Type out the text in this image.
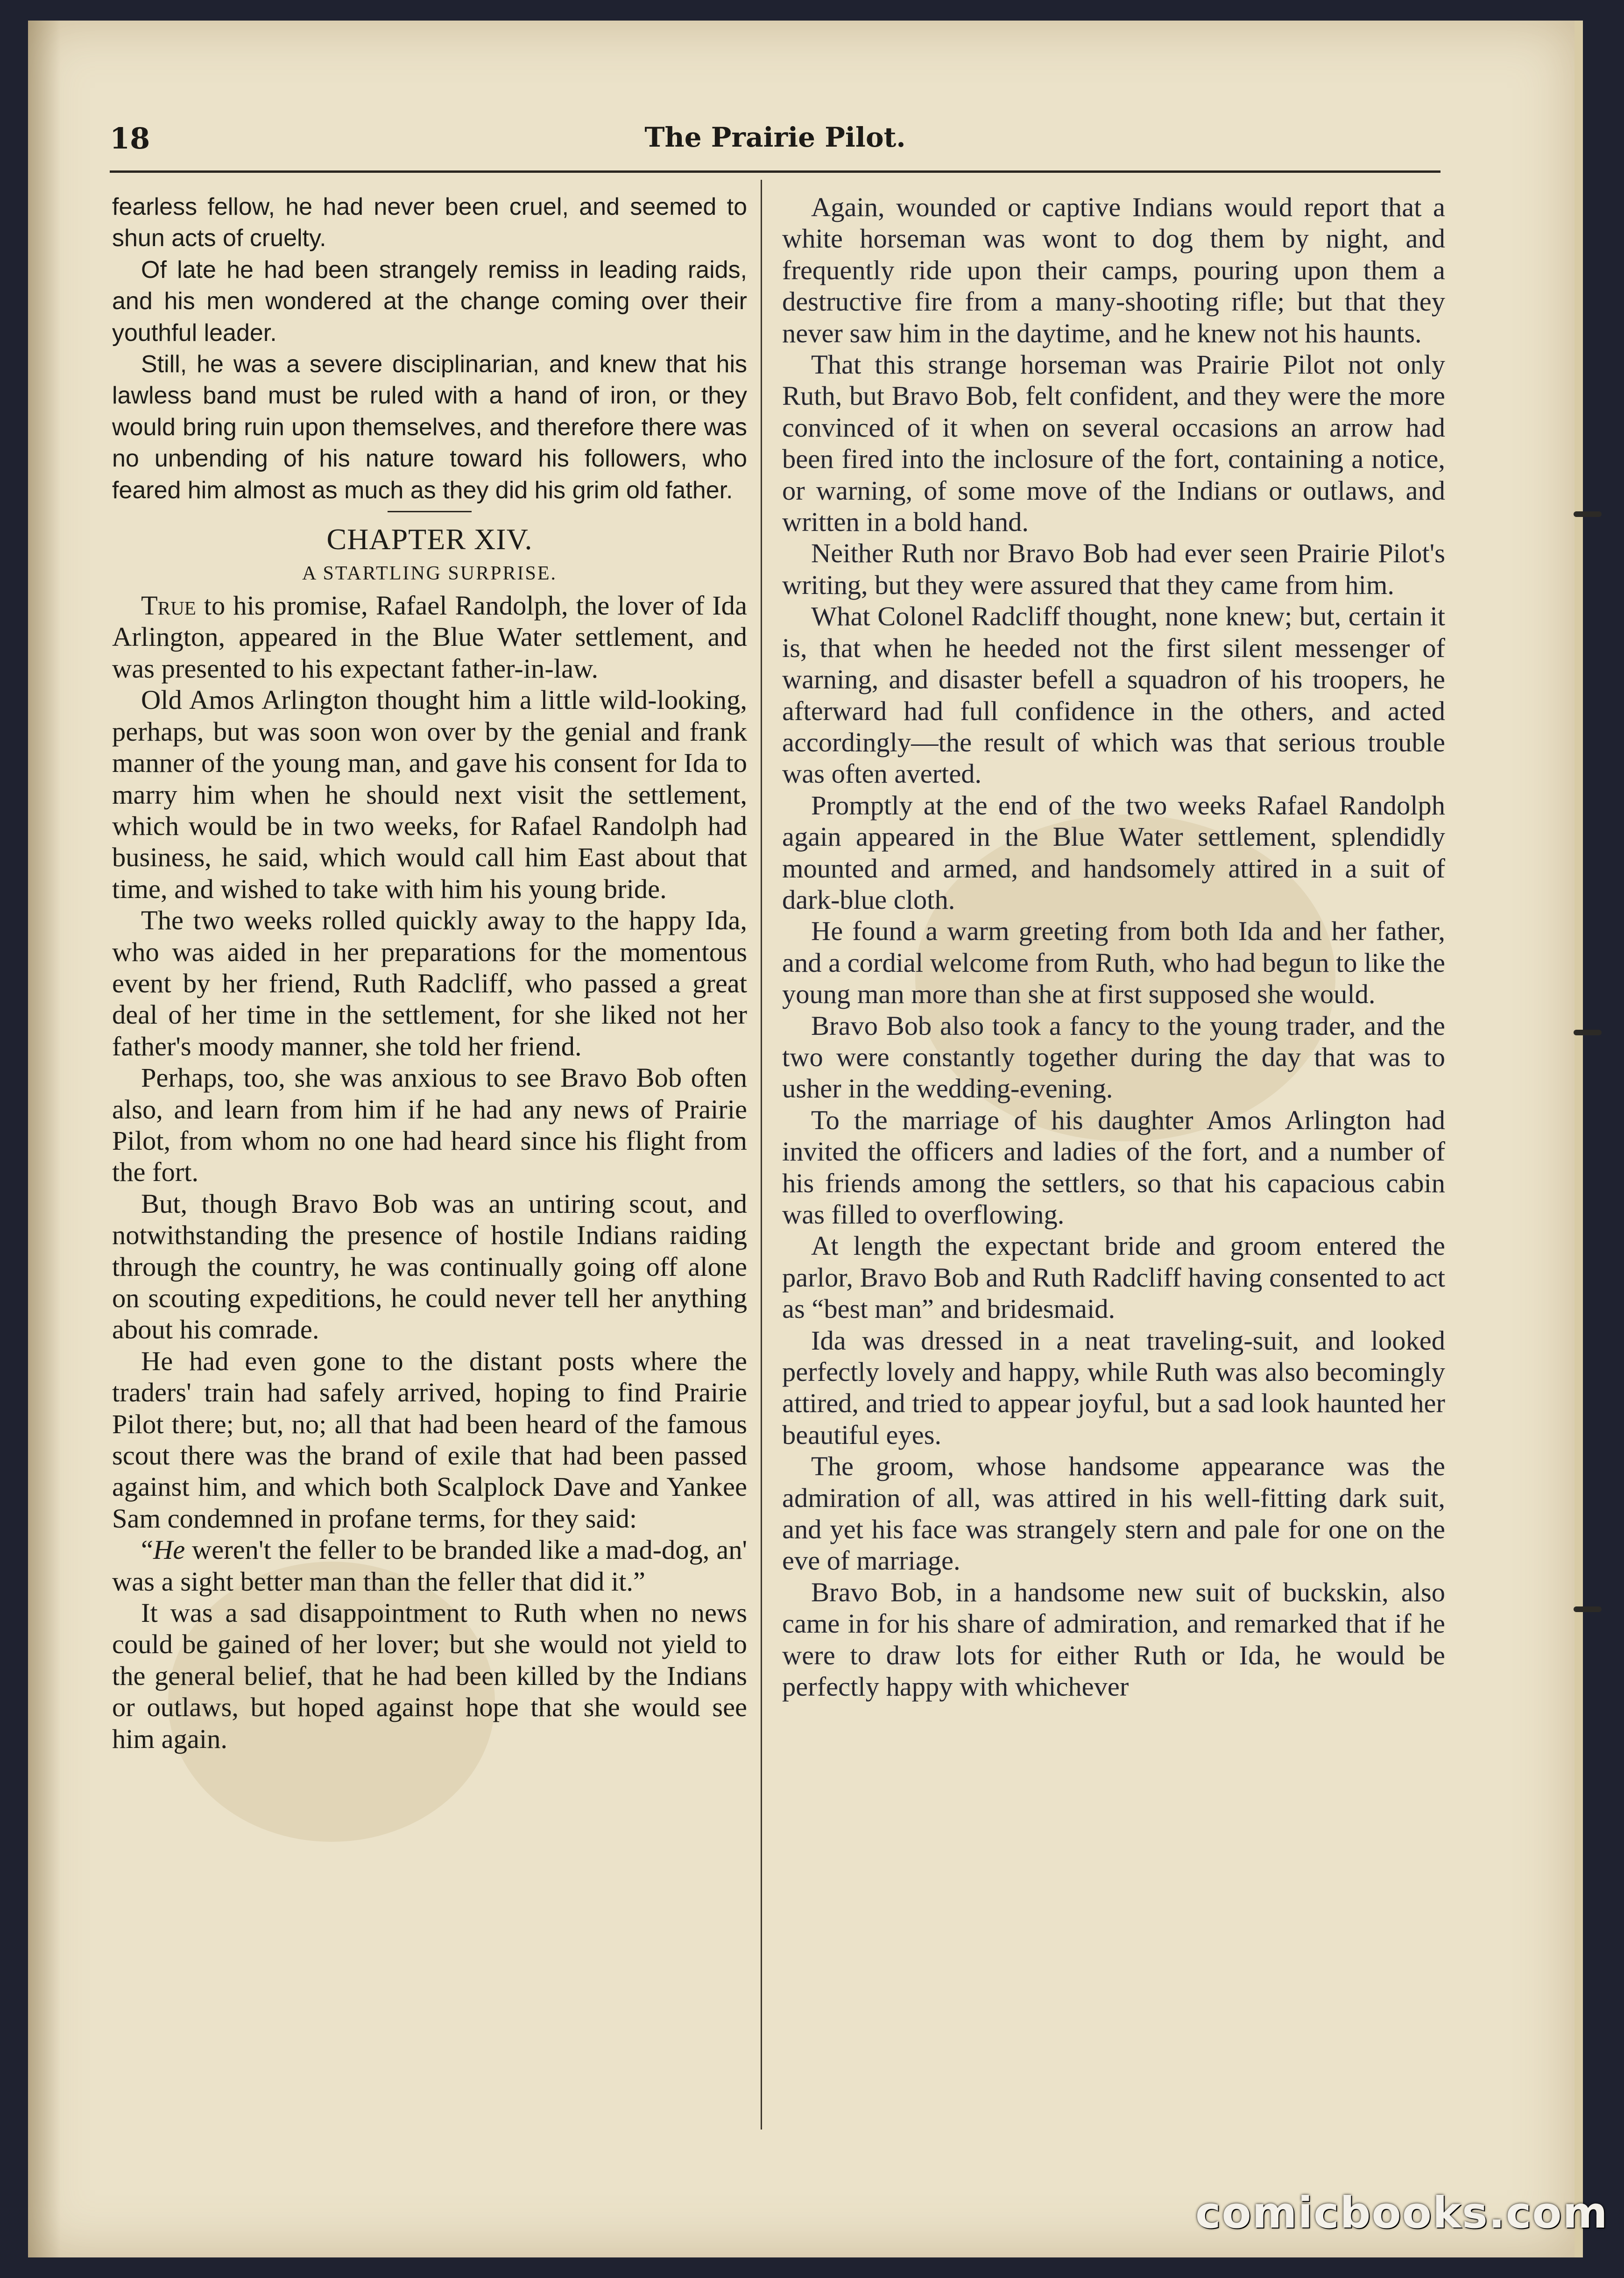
18	The Prairie Pilot.

fearless fellow, he had never been cruel, and seemed to shun acts of cruelty.

Of late he had been strangely remiss in leading raids, and his men wondered at the change coming over their youthful leader.

Still, he was a severe disciplinarian, and knew that his lawless band must be ruled with a hand of iron, or they would bring ruin upon themselves, and therefore there was no unbending of his nature toward his followers, who feared him almost as much as they did his grim old father.

CHAPTER XIV.

A STARTLING SURPRISE.

True to his promise, Rafael Randolph, the lover of Ida Arlington, appeared in the Blue Water settlement, and was presented to his expectant father-in-law.

Old Amos Arlington thought him a little wild-looking, perhaps, but was soon won over by the genial and frank manner of the young man, and gave his consent for Ida to marry him when he should next visit the settlement, which would be in two weeks, for Rafael Randolph had business, he said, which would call him East about that time, and wished to take with him his young bride.

The two weeks rolled quickly away to the happy Ida, who was aided in her preparations for the momentous event by her friend, Ruth Radcliff, who passed a great deal of her time in the settlement, for she liked not her father's moody manner, she told her friend.

Perhaps, too, she was anxious to see Bravo Bob often also, and learn from him if he had any news of Prairie Pilot, from whom no one had heard since his flight from the fort.

But, though Bravo Bob was an untiring scout, and notwithstanding the presence of hostile Indians raiding through the country, he was continually going off alone on scouting expeditions, he could never tell her anything about his comrade.

He had even gone to the distant posts where the traders' train had safely arrived, hoping to find Prairie Pilot there; but, no; all that had been heard of the famous scout there was the brand of exile that had been passed against him, and which both Scalplock Dave and Yankee Sam condemned in profane terms, for they said:

“He weren't the feller to be branded like a mad-dog, an' was a sight better man than the feller that did it.”

It was a sad disappointment to Ruth when no news could be gained of her lover; but she would not yield to the general belief, that he had been killed by the Indians or outlaws, but hoped against hope that she would see him again.

Again, wounded or captive Indians would report that a white horseman was wont to dog them by night, and frequently ride upon their camps, pouring upon them a destructive fire from a many-shooting rifle; but that they never saw him in the daytime, and he knew not his haunts.

That this strange horseman was Prairie Pilot not only Ruth, but Bravo Bob, felt confident, and they were the more convinced of it when on several occasions an arrow had been fired into the inclosure of the fort, containing a notice, or warning, of some move of the Indians or outlaws, and written in a bold hand.

Neither Ruth nor Bravo Bob had ever seen Prairie Pilot's writing, but they were assured that they came from him.

What Colonel Radcliff thought, none knew; but, certain it is, that when he heeded not the first silent messenger of warning, and disaster befell a squadron of his troopers, he afterward had full confidence in the others, and acted accordingly—the result of which was that serious trouble was often averted.

Promptly at the end of the two weeks Rafael Randolph again appeared in the Blue Water settlement, splendidly mounted and armed, and handsomely attired in a suit of dark-blue cloth.

He found a warm greeting from both Ida and her father, and a cordial welcome from Ruth, who had begun to like the young man more than she at first supposed she would.

Bravo Bob also took a fancy to the young trader, and the two were constantly together during the day that was to usher in the wedding-evening.

To the marriage of his daughter Amos Arlington had invited the officers and ladies of the fort, and a number of his friends among the settlers, so that his capacious cabin was filled to overflowing.

At length the expectant bride and groom entered the parlor, Bravo Bob and Ruth Radcliff having consented to act as “best man” and bridesmaid.

Ida was dressed in a neat traveling-suit, and looked perfectly lovely and happy, while Ruth was also becomingly attired, and tried to appear joyful, but a sad look haunted her beautiful eyes.

The groom, whose handsome appearance was the admiration of all, was attired in his well-fitting dark suit, and yet his face was strangely stern and pale for one on the eve of marriage.

Bravo Bob, in a handsome new suit of buckskin, also came in for his share of admiration, and remarked that if he were to draw lots for either Ruth or Ida, he would be perfectly happy with whichever

comicbooks.com
